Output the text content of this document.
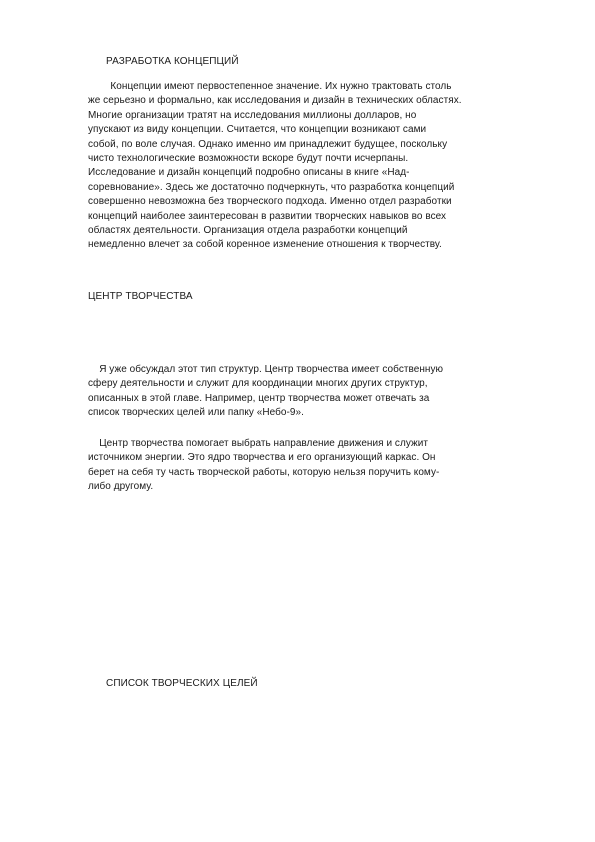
РАЗРАБОТКА КОНЦЕПЦИЙ
Концепции имеют первостепенное значение. Их нужно трактовать столь
же серьезно и формально, как исследования и дизайн в технических областях.
Многие организации тратят на исследования миллионы долларов, но
упускают из виду концепции. Считается, что концепции возникают сами
собой, по воле случая. Однако именно им принадлежит будущее, поскольку
чисто технологические возможности вскоре будут почти исчерпаны.
Исследование и дизайн концепций подробно описаны в книге «Над-
соревнование». Здесь же достаточно подчеркнуть, что разработка концепций
совершенно невозможна без творческого подхода. Именно отдел разработки
концепций наиболее заинтересован в развитии творческих навыков во всех
областях деятельности. Организация отдела разработки концепций
немедленно влечет за собой коренное изменение отношения к творчеству.
ЦЕНТР ТВОРЧЕСТВА
Я уже обсуждал этот тип структур. Центр творчества имеет собственную
сферу деятельности и служит для координации многих других структур,
описанных в этой главе. Например, центр творчества может отвечать за
список творческих целей или папку «Небо-9».
Центр творчества помогает выбрать направление движения и служит
источником энергии. Это ядро творчества и его организующий каркас. Он
берет на себя ту часть творческой работы, которую нельзя поручить кому-
либо другому.
СПИСОК ТВОРЧЕСКИХ ЦЕЛЕЙ
